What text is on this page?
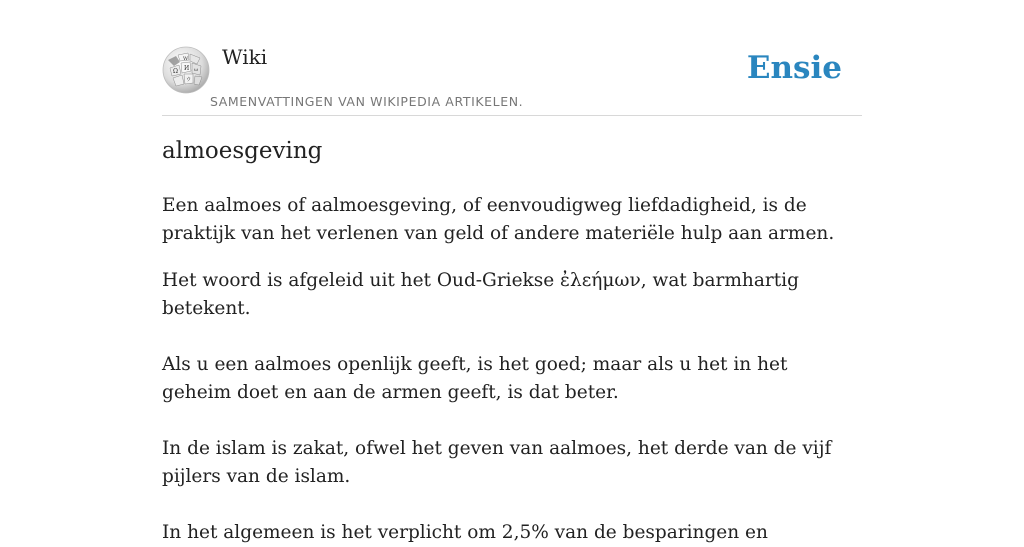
W
Ω И ω
ウ
Wiki
SAMENVATTINGEN VAN WIKIPEDIA ARTIKELEN.
Ensie
almoesgeving

Een aalmoes of aalmoesgeving, of eenvoudigweg liefdadigheid, is de praktijk van het verlenen van geld of andere materiële hulp aan armen.

Het woord is afgeleid uit het Oud-Griekse ἐλεήμων, wat barmhartig betekent.

Als u een aalmoes openlijk geeft, is het goed; maar als u het in het geheim doet en aan de armen geeft, is dat beter.

In de islam is zakat, ofwel het geven van aalmoes, het derde van de vijf pijlers van de islam.

In het algemeen is het verplicht om 2,5% van de besparingen en
